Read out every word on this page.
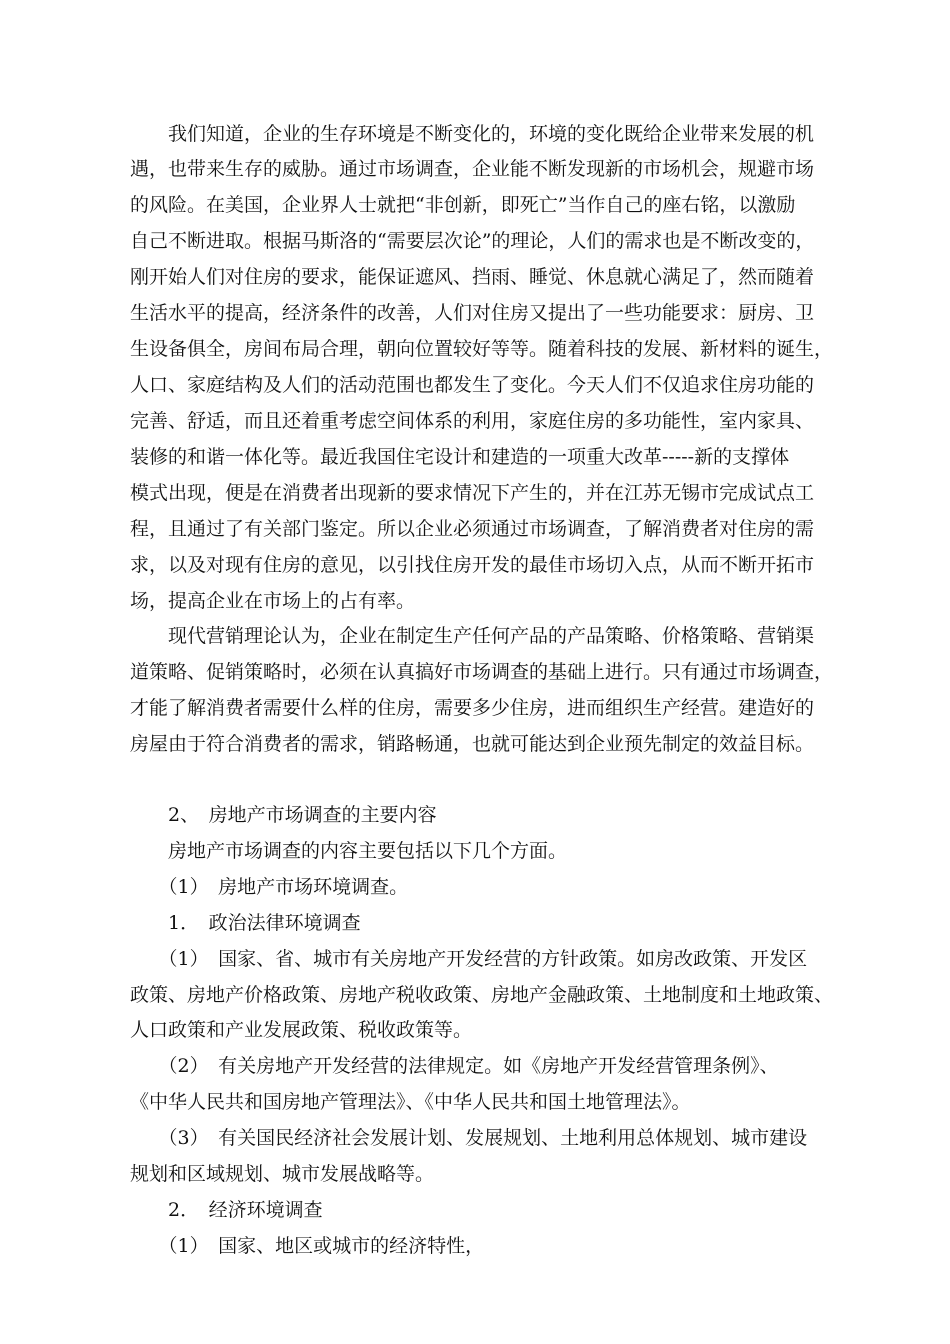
　　我们知道，企业的生存环境是不断变化的，环境的变化既给企业带来发展的机
遇，也带来生存的威胁。通过市场调查，企业能不断发现新的市场机会，规避市场
的风险。在美国，企业界人士就把“非创新，即死亡”当作自己的座右铭，以激励
自己不断进取。根据马斯洛的“需要层次论”的理论，人们的需求也是不断改变的，
刚开始人们对住房的要求，能保证遮风、挡雨、睡觉、休息就心满足了，然而随着
生活水平的提高，经济条件的改善，人们对住房又提出了一些功能要求：厨房、卫
生设备俱全，房间布局合理，朝向位置较好等等。随着科技的发展、新材料的诞生，
人口、家庭结构及人们的活动范围也都发生了变化。今天人们不仅追求住房功能的
完善、舒适，而且还着重考虑空间体系的利用，家庭住房的多功能性，室内家具、
装修的和谐一体化等。最近我国住宅设计和建造的一项重大改革-----新的支撑体
模式出现，便是在消费者出现新的要求情况下产生的，并在江苏无锡市完成试点工
程，且通过了有关部门鉴定。所以企业必须通过市场调查，了解消费者对住房的需
求，以及对现有住房的意见，以引找住房开发的最佳市场切入点，从而不断开拓市
场，提高企业在市场上的占有率。
　　现代营销理论认为，企业在制定生产任何产品的产品策略、价格策略、营销渠
道策略、促销策略时，必须在认真搞好市场调查的基础上进行。只有通过市场调查，
才能了解消费者需要什么样的住房，需要多少住房，进而组织生产经营。建造好的
房屋由于符合消费者的需求，销路畅通，也就可能达到企业预先制定的效益目标。
　　2、　房地产市场调查的主要内容
　　房地产市场调查的内容主要包括以下几个方面。
　　（1）　房地产市场环境调查。
　　1．　政治法律环境调查
　　（1）　国家、省、城市有关房地产开发经营的方针政策。如房改政策、开发区
政策、房地产价格政策、房地产税收政策、房地产金融政策、土地制度和土地政策、
人口政策和产业发展政策、税收政策等。
　　（2）　有关房地产开发经营的法律规定。如《房地产开发经营管理条例》、
《中华人民共和国房地产管理法》、《中华人民共和国土地管理法》。
　　（3）　有关国民经济社会发展计划、发展规划、土地利用总体规划、城市建设
规划和区域规划、城市发展战略等。
　　2．　经济环境调查
　　（1）　国家、地区或城市的经济特性，
